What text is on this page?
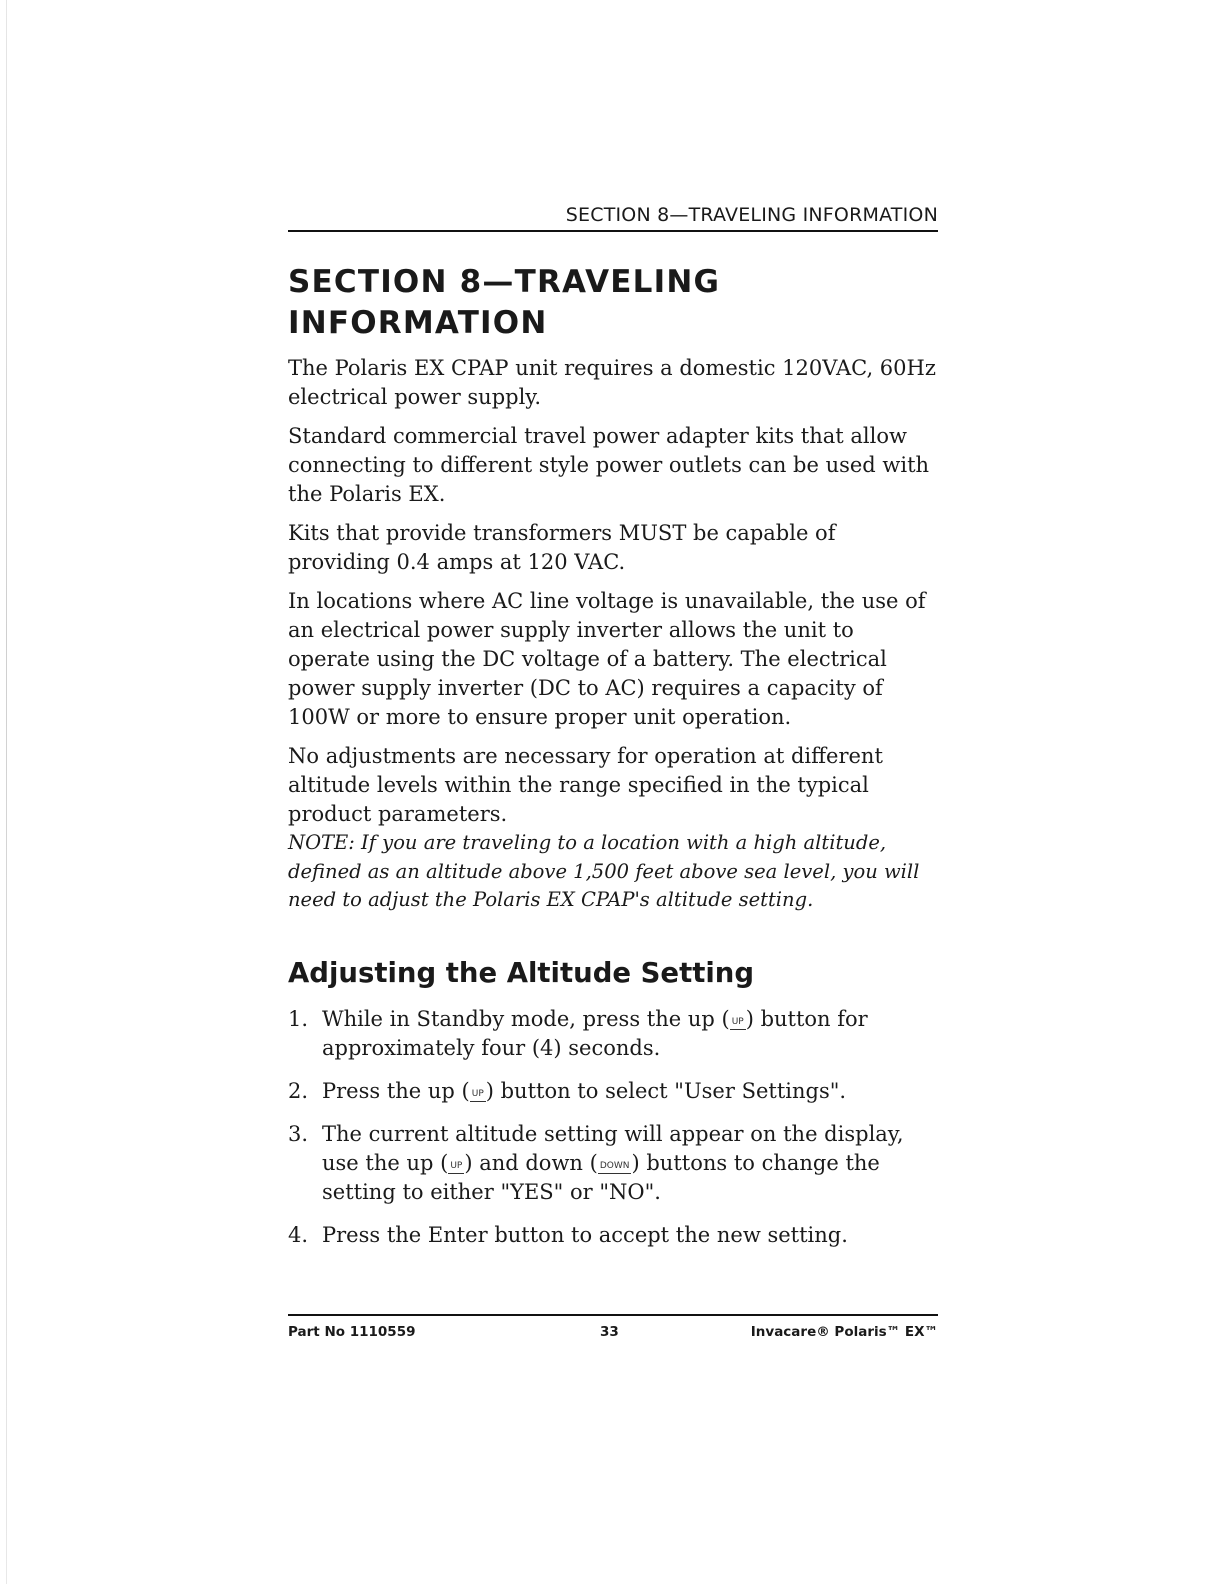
SECTION 8—TRAVELING INFORMATION
SECTION 8—TRAVELING
INFORMATION

The Polaris EX CPAP unit requires a domestic 120VAC, 60Hz electrical power supply.

Standard commercial travel power adapter kits that allow connecting to different style power outlets can be used with the Polaris EX.

Kits that provide transformers MUST be capable of providing 0.4 amps at 120 VAC.

In locations where AC line voltage is unavailable, the use of an electrical power supply inverter allows the unit to operate using the DC voltage of a battery. The electrical power supply inverter (DC to AC) requires a capacity of 100W or more to ensure proper unit operation.

No adjustments are necessary for operation at different altitude levels within the range specified in the typical product parameters.

NOTE: If you are traveling to a location with a high altitude, defined as an altitude above 1,500 feet above sea level, you will need to adjust the Polaris EX CPAP's altitude setting.

Adjusting the Altitude Setting
1. While in Standby mode, press the up ( UP) button for approximately four (4) seconds.
2. Press the up ( UP) button to select "User Settings".
3. The current altitude setting will appear on the display, use the up ( UP) and down ( DOWN) buttons to change the setting to either "YES" or "NO".
4. Press the Enter button to accept the new setting.
Part No 1110559	33	Invacare® Polaris™ EX™
